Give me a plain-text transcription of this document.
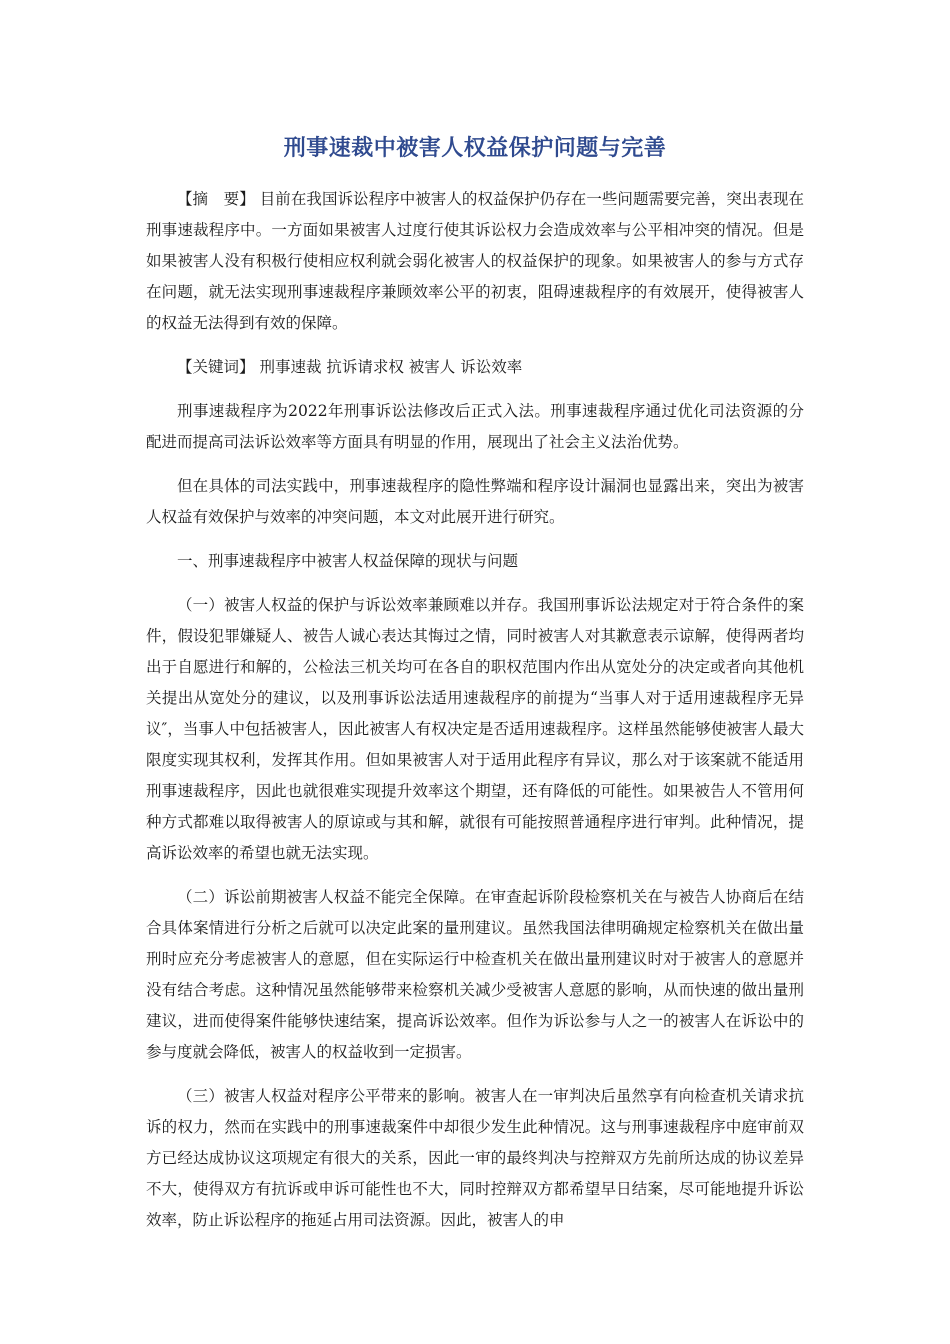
刑事速裁中被害人权益保护问题与完善

【摘　要】 目前在我国诉讼程序中被害人的权益保护仍存在一些问题需要完善，突出表现在刑事速裁程序中。一方面如果被害人过度行使其诉讼权力会造成效率与公平相冲突的情况。但是如果被害人没有积极行使相应权利就会弱化被害人的权益保护的现象。如果被害人的参与方式存在问题，就无法实现刑事速裁程序兼顾效率公平的初衷，阻碍速裁程序的有效展开，使得被害人的权益无法得到有效的保障。

【关键词】 刑事速裁 抗诉请求权 被害人 诉讼效率

刑事速裁程序为2022年刑事诉讼法修改后正式入法。刑事速裁程序通过优化司法资源的分配进而提高司法诉讼效率等方面具有明显的作用，展现出了社会主义法治优势。

但在具体的司法实践中，刑事速裁程序的隐性弊端和程序设计漏洞也显露出来，突出为被害人权益有效保护与效率的冲突问题，本文对此展开进行研究。

一、刑事速裁程序中被害人权益保障的现状与问题

（一）被害人权益的保护与诉讼效率兼顾难以并存。我国刑事诉讼法规定对于符合条件的案件，假设犯罪嫌疑人、被告人诚心表达其悔过之情，同时被害人对其歉意表示谅解，使得两者均出于自愿进行和解的，公检法三机关均可在各自的职权范围内作出从宽处分的决定或者向其他机关提出从宽处分的建议，以及刑事诉讼法适用速裁程序的前提为“当事人对于适用速裁程序无异议″，当事人中包括被害人，因此被害人有权决定是否适用速裁程序。这样虽然能够使被害人最大限度实现其权利，发挥其作用。但如果被害人对于适用此程序有异议，那么对于该案就不能适用刑事速裁程序，因此也就很难实现提升效率这个期望，还有降低的可能性。如果被告人不管用何种方式都难以取得被害人的原谅或与其和解，就很有可能按照普通程序进行审判。此种情况，提高诉讼效率的希望也就无法实现。

（二）诉讼前期被害人权益不能完全保障。在审查起诉阶段检察机关在与被告人协商后在结合具体案情进行分析之后就可以决定此案的量刑建议。虽然我国法律明确规定检察机关在做出量刑时应充分考虑被害人的意愿，但在实际运行中检查机关在做出量刑建议时对于被害人的意愿并没有结合考虑。这种情况虽然能够带来检察机关减少受被害人意愿的影响，从而快速的做出量刑建议，进而使得案件能够快速结案，提高诉讼效率。但作为诉讼参与人之一的被害人在诉讼中的参与度就会降低，被害人的权益收到一定损害。

（三）被害人权益对程序公平带来的影响。被害人在一审判决后虽然享有向检查机关请求抗诉的权力，然而在实践中的刑事速裁案件中却很少发生此种情况。这与刑事速裁程序中庭审前双方已经达成协议这项规定有很大的关系，因此一审的最终判决与控辩双方先前所达成的协议差异不大，使得双方有抗诉或申诉可能性也不大，同时控辩双方都希望早日结案，尽可能地提升诉讼效率，防止诉讼程序的拖延占用司法资源。因此，被害人的申
